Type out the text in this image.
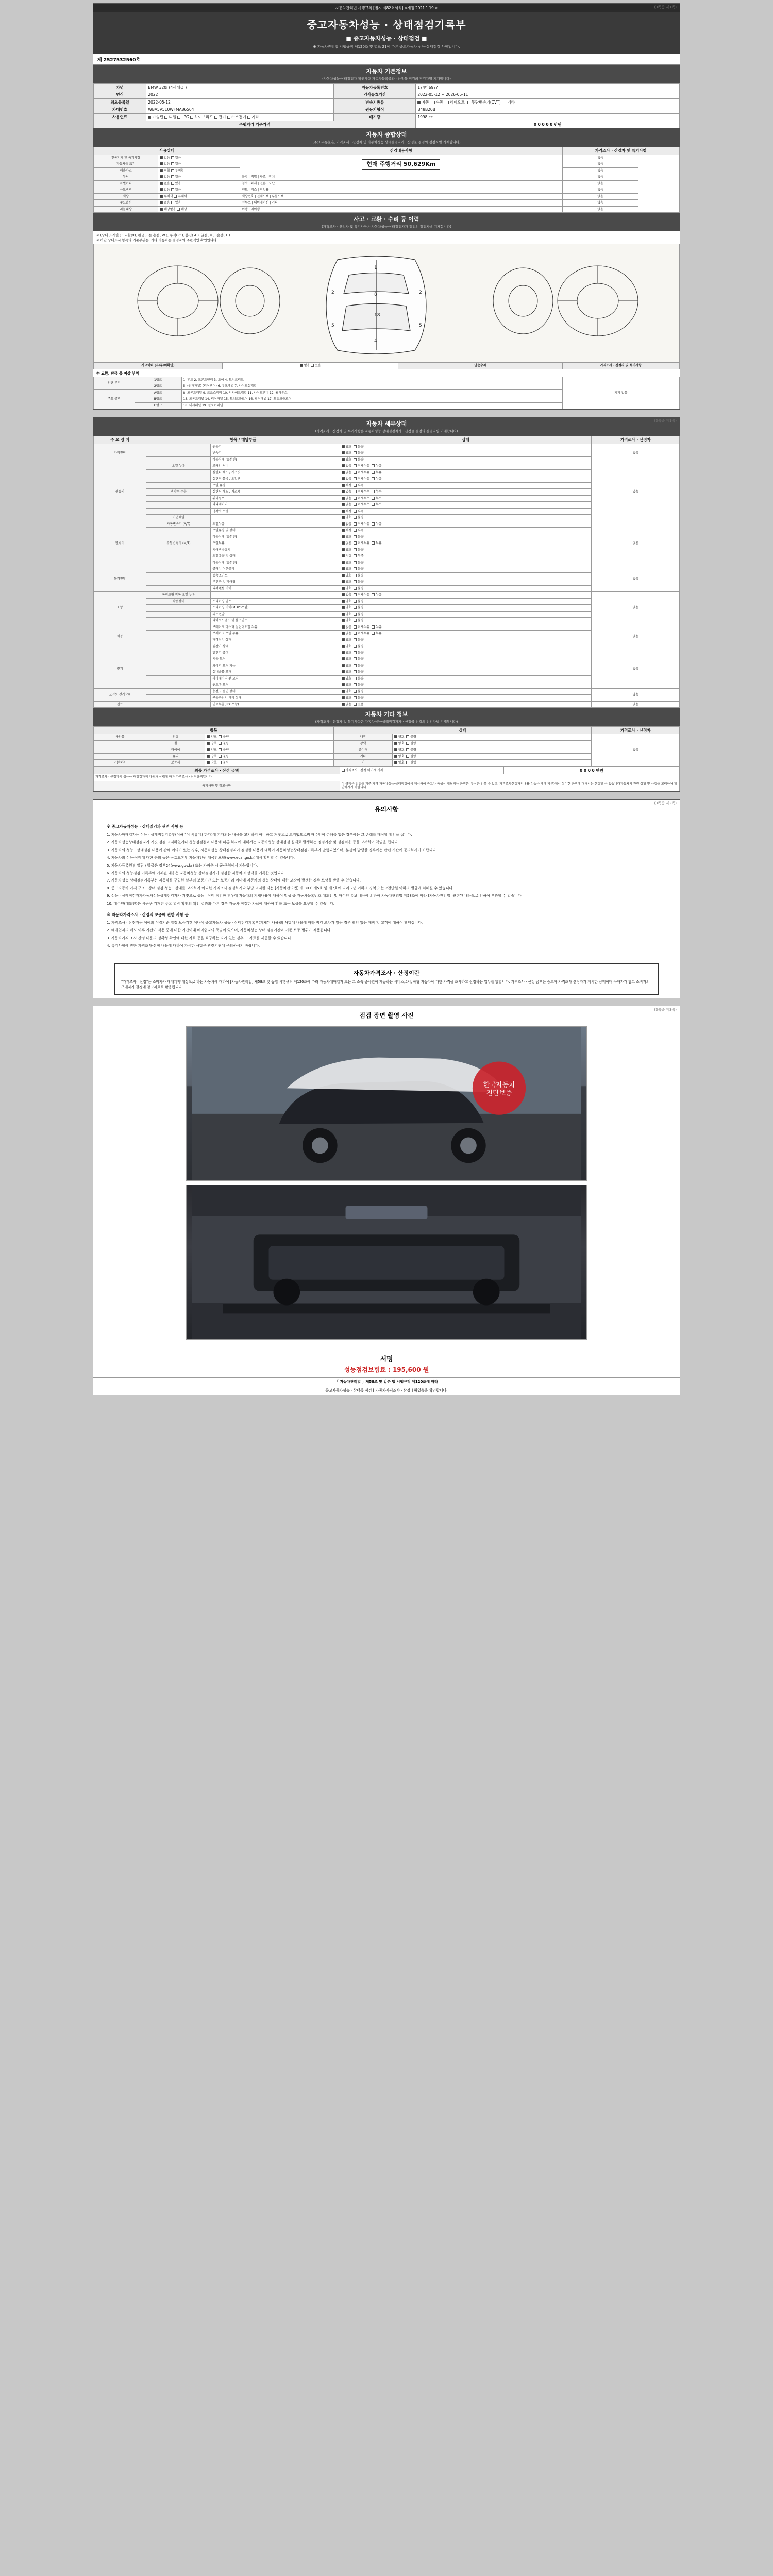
(3쪽중 제1쪽)
자동차관리법 시행규칙 [별지 제82호서식] <개정 2021.1.19.>
중고자동차성능 · 상태점검기록부
■ 중고자동차성능 · 상태점검 ■
※ 자동차관리법 시행규칙 제120조 및 별표 21에 따른 중고자동차 성능·상태점검 사항입니다.
제 2527532560호
자동차 기본정보
(자동차성능·상태점검자 확인사항 자동차등록증과 · 산정물 점검의 점검자별 기재합니다)
차명	BMW 320i (4세대급 )	자동차등록번호	174머69??
연식	2022	검사유효기간	2022-05-12 ~ 2026-05-11
최초등록일	2022-05-12	변속기종류	자동 수동 세미오토 무단변속기(CVT) 기타
차대번호	WBA5V510WFMA86564	원동기형식	B48B20B
사용연료	가솔린 디젤 LPG 하이브리드 전기 수소전기 기타	배기량	1998 cc
주행거리 기준가격			0 0 0 0 0 만원
자동차 종합상태
(주요 구동물은, 가격조사 · 산정자 및 자동차성능·상태점검자가 · 산정물 점검의 점검자별 기재합니다)
사용상태		점검내용사항	가격조사 · 산정자 및 특기사항	
전동기계 및 특기사항	없음 있음	현재 주행거리 50,629Km	없음	
자동차등 표기	없음 있음		없음	
배출가스	적합 부적합		없음	
튜닝	없음 있음	불법 | 적법 | 구조 | 장치	없음	
특별이력	없음 있음	침수 | 화재 | 전손 | 도난	없음	
용도변경	없음 있음	렌트 | 리스 | 영업용	없음	
색상	무채색 유채색	색상번호 | 전체도색 | 부분도색	없음	
주요옵션	없음 있음	선루프 | 내비게이션 | 기타	없음	
리콜대상	해당없음 해당	이행 | 미이행	없음	
사고 · 교환 · 수리 등 이력
(가격조사 · 산정자 및 특기사항은 자동차성능·상태점검자가 점검의 점검자별 기재합니다)
※ (상태 표시란 ) : 교환(X), 판금 또는 용접( W ), 부식( C ), 흠집( A ), 굴절( U ), 손상( T )
※ 하단 상태표시 항목의 기준부위는, 기타 자동차는 점검자의 주관적인 확인입니다
1
8
18
4
2	2
5	5
사고이력 (유/무/미확인)	없음 있음	단순수리	가격조사 · 산정자 및 특기사항
※ 교환, 판금 등 이상 부위
외판 부위	1랭크	1. 후드 2. 프론트펜더 3. 도어 4. 트렁크리드	기기 없음
	2랭크	5. (쿼터패널) (리어펜더) 6. 루프패널 7. 사이드실패널	
주요 골격	A랭크	8. 프론트패널 9. 크로스멤버 10. 인사이드패널 11. 사이드멤버 12. 휠하우스	
	B랭크	13. 프론트패널 14. 리어패널 15. 트렁크플로어 16. 필러패널 17. 트렁크플로어	
	C랭크	18. 대시패널 19. 플로어패널	
(3쪽중 제1쪽)
자동차 세부상태
(가격조사 · 산정자 및 특기사항은 자동차성능·상태점검자가 · 산정물 점검의 점검자별 기재합니다)
주 요 장 치	항목 / 해당부품		상태	가격조사 · 산정자
자기진단		원동기	양호  불량	없음
		변속기	양호  불량	
		작동상태 (공회전)	양호  불량	
원동기	오일 누유	로커암 커버	없음  미세누유  누유	없음
		실린더 헤드 / 개스킷	없음  미세누유  누유	
		실린더 블록 / 오일팬	없음  미세누유  누유	
		오일 유량	적정  부족	
	냉각수 누수	실린더 헤드 / 가스켓	없음  미세누수  누수	
		워터펌프	없음  미세누수  누수	
		라디에이터	없음  미세누수  누수	
		냉각수 수량	적정  부족	
	커먼레일		양호  불량	
변속기	자동변속기 (A/T)	오일누유	없음  미세누유  누유	없음
		오일유량 및 상태	적정  부족	
		작동상태 (공회전)	양호  불량	
	수동변속기 (M/T)	오일누유	없음  미세누유  누유	
		기어변속장치	양호  불량	
		오일유량 및 상태	적정  부족	
		작동상태 (공회전)	양호  불량	
동력전달		클러치 어셈블리	양호  불량	없음
		등속조인트	양호  불량	
		추진축 및 베어링	양호  불량	
		디퍼렌셜 기어	양호  불량	
조향	동력조향 작동 오일 누유		없음  미세누유  누유	없음
	작동상태	스티어링 펌프	양호  불량	
		스티어링 기어(MDPS포함)	양호  불량	
		피트먼암	양호  불량	
		타이로드엔드 및 볼조인트	양호  불량	
제동		브레이크 마스터 실린더오일 누유	없음  미세누유  누유	없음
		브레이크 오일 누유	없음  미세누유  누유	
		배력장치 상태	양호  불량	
		월간가 상태	양호  불량	
전기		발전기 출력	양호  불량	없음
		시동 모터	양호  불량	
		와이퍼 모터 기능	양호  불량	
		실내송풍 모터	양호  불량	
		라디에이터 팬 모터	양호  불량	
		윈도우 모터	양호  불량	
고전원 전기장치		충전구 절연 상태	양호  불량	없음
		구동축전지 격리 상태	양호  불량	
연료		연료누출(LPG포함)	없음  있음	없음
자동차 기타 정보
(가격조사 · 산정자 및 특기사항은 자동차성능·상태점검자가 · 산정물 점검의 점검자별 기재합니다)
항목			상태		가격조사 · 산정자
사외품	외장	양호  불량	내장	양호  불량	없음
	휠	양호  불량	광택	양호  불량	
	타이어	양호  불량	룸미러	양호  불량	
	유리	양호  불량	기타	양호  불량	
기본품목	보증서	양호  불량	키	양호  불량	
최종 가격조사 · 산정 금액	가격조사 · 산정 미기재 기재	0 0 0 0 만원
가격조사 · 산정자의 성능·상태점검자의 자동차 상태에 따른 가격조사 · 산정금액입니다		
특기사항 및 참고사항	이 금액은 점검을 기준 가격 자동차성능·상태점검에서 제시하여 중고차 특성상 해당되는 금액은, 부식은 인풋 수 있고, 가격조사산정자의내용(성능·상태에 따른)에서 상이한 금액에 대해서는 산정할 수 있습니다자동차의 관련 상황 및 사정을 고려하여 확인하시기 바랍니다	
(3쪽중 제2쪽)
유의사항
※ 중고자동차성능 · 상태점검과 관련 사항 등

1. 자동차매매업자는 성능 · 상태점검기록부(이하 "이 서류"라 한다)에 기재되는 내용을 고지하지 아니하고 거짓으로 고지했으로써 매수인이 손해를 입은 경우에는 그 손해를 배상할 책임을 집니다.

2. 자동차성능상태점검자가 거짓 점검 고지하였거나 성능점검결과 내용에 따른 하자에 대해서는 자동차성능·상태점검 실제로 발생하는 점검기간 및 점검비용 등을 고려하여 책임을 집니다.

3. 자동차의 성능 · 상태점검 내용에 관해 이의가 있는 경우, 자동차성능·상태점검자가 점검한 내용에 대하여 자동차성능상태점검기록부가 발행되었으며, 분쟁이 발생한 경우에는 관련 기관에 문의하시기 바랍니다.

4. 자동차의 성능·상태에 대한 문의 등은 국토교통부 자동차민원 대국민포털(www.ecar.go.kr)에서 확인할 수 있습니다.

5. 자동차등록원부 열람 / 발급은 정부24(www.gov.kr) 또는 가까운 시·군·구청에서 가능합니다.

6. 자동차의 성능점검 기록부에 기재된 내용은 자동차성능·상태점검자가 점검한 자동차의 상태를 기록한 것입니다.

7. 자동차성능·상태점검기록부는 자동차를 구입한 날부터 보증기간 또는 보증거리 이내에 자동차의 성능·상태에 대한 고장이 발생한 경우 보상을 받을 수 있습니다.

8. 중고자동차 가격 구조 · 상태 점검 성능 · 상태를 고지하지 아니한 가격조사 점검하거나 부당 고지한 자는 [자동차관리법] 제 80조 제5호 및 제7호에 따라 2년 이하의 징역 또는 2천만원 이하의 벌금에 처해질 수 있습니다.

9. 성능 · 상태점검자가자동차성능상태점검자가 거짓으로 성능 · 상태 점검한 경우에 자동차의 기재내용에 대하여 발생 중 자동차등록번호 매도인 및 매수인 통보 내용에 의하여 자동차관리법 제58조에 따라 [자동차관리법] 관련된 내용으로 인하여 부과할 수 있습니다.

10. 매수인(매도인)은 시군구 기재된 주요 열람 확인의 확인 결과와 다른 경우 자동차 점검한 자료에 대하여 환불 또는 보상을 요구할 수 있습니다.

※ 자동차가격조사 · 산정의 보증에 관한 사항 등

1. 가격조사 · 산정자는 이에의 성질기준 법정 보증기간 이내에 중고자동차 성능 · 상태점검기록부(기재된 내용)의 사항에 내용에 따라 점검 오차가 있는 경우 책임 있는 제작 및 고객에 대하여 책임집니다.

2. 매매업자의 매도 이후 기간이 적용 중에 대한 기간이내 매매업자의 책임이 있으며, 자동차성능·상태 점검기간과 기준 보증 범위가 적용됩니다.

3. 자동차가격 조사·산정 내용의 정확성 확인에 대한 자료 등을 요구하는 자가 있는 경우 그 자료를 제공할 수 있습니다.

4. 특기사항에 관한 가격조사·산정 내용에 대하여 자세한 사항은 관련기관에 문의하시기 바랍니다.

자동차가격조사 · 산정이란
"가격조사 · 산정"은 소비자가 매매계약 대상으로 하는 자동차에 대하여 [자동차관리법] 제58조 및 동법 시행규칙 제120조에 따라 자동차매매업자 또는 그 소속 종사원이 제공하는 서비스로서, 해당 자동차에 대한 가격을 조사하고 산정하는 업무를 말합니다. 가격조사 · 산정 금액은 중고차 가격조사 산정자가 제시한 금액이며 구매자가 참고 소비자의 구매자가 결정에 참고자료로 활용됩니다.
(3쪽중 제3쪽)
점검 장면 촬영 사진
한국자동차
진단보증
서명
성능점검보험료 : 195,600 원
「 자동차관리법 」제58조 및 같은 법 시행규칙 제120조에 따라
중고자동차성능 · 상태를 점검 [ 자동차가격조사 · 산정 ] 하였음을 확인합니다.
